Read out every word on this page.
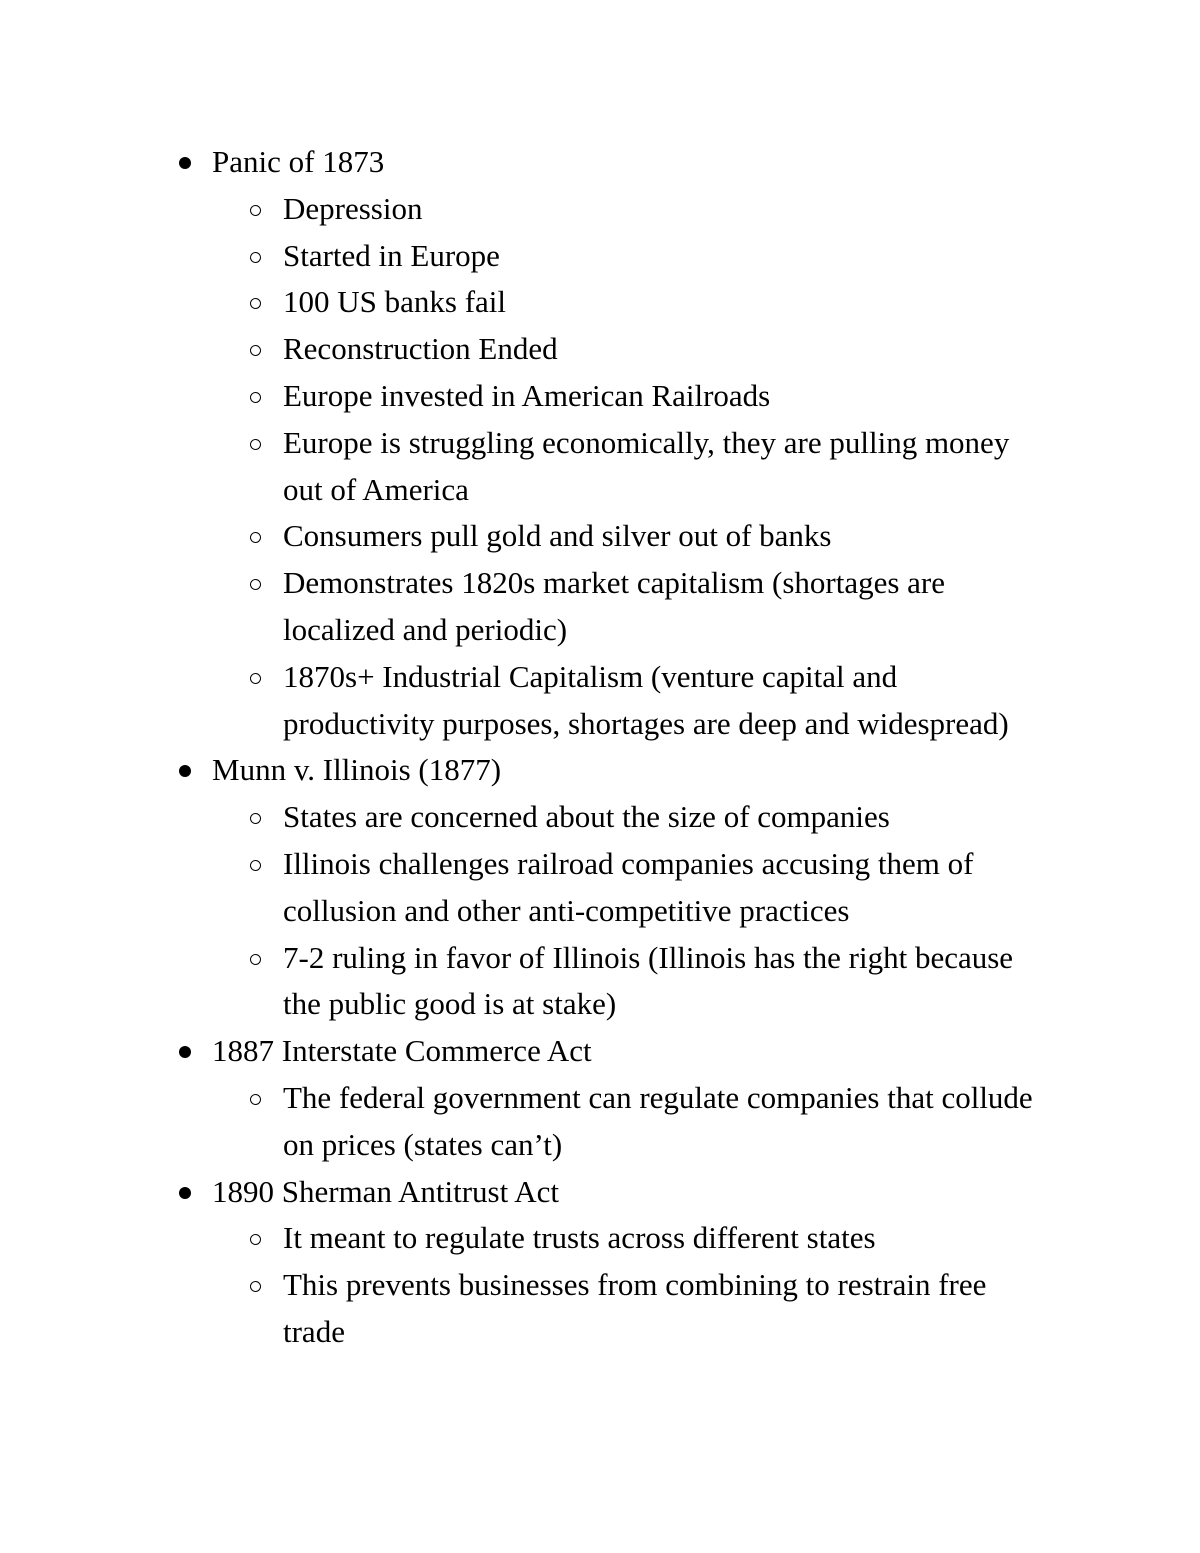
Panic of 1873
Depression
Started in Europe
100 US banks fail
Reconstruction Ended
Europe invested in American Railroads
Europe is struggling economically, they are pulling money out of America
Consumers pull gold and silver out of banks
Demonstrates 1820s market capitalism (shortages are localized and periodic)
1870s+ Industrial Capitalism (venture capital and productivity purposes, shortages are deep and widespread)
Munn v. Illinois (1877)
States are concerned about the size of companies
Illinois challenges railroad companies accusing them of collusion and other anti-competitive practices
7-2 ruling in favor of Illinois (Illinois has the right because the public good is at stake)
1887 Interstate Commerce Act
The federal government can regulate companies that collude on prices (states can’t)
1890 Sherman Antitrust Act
It meant to regulate trusts across different states
This prevents businesses from combining to restrain free trade
